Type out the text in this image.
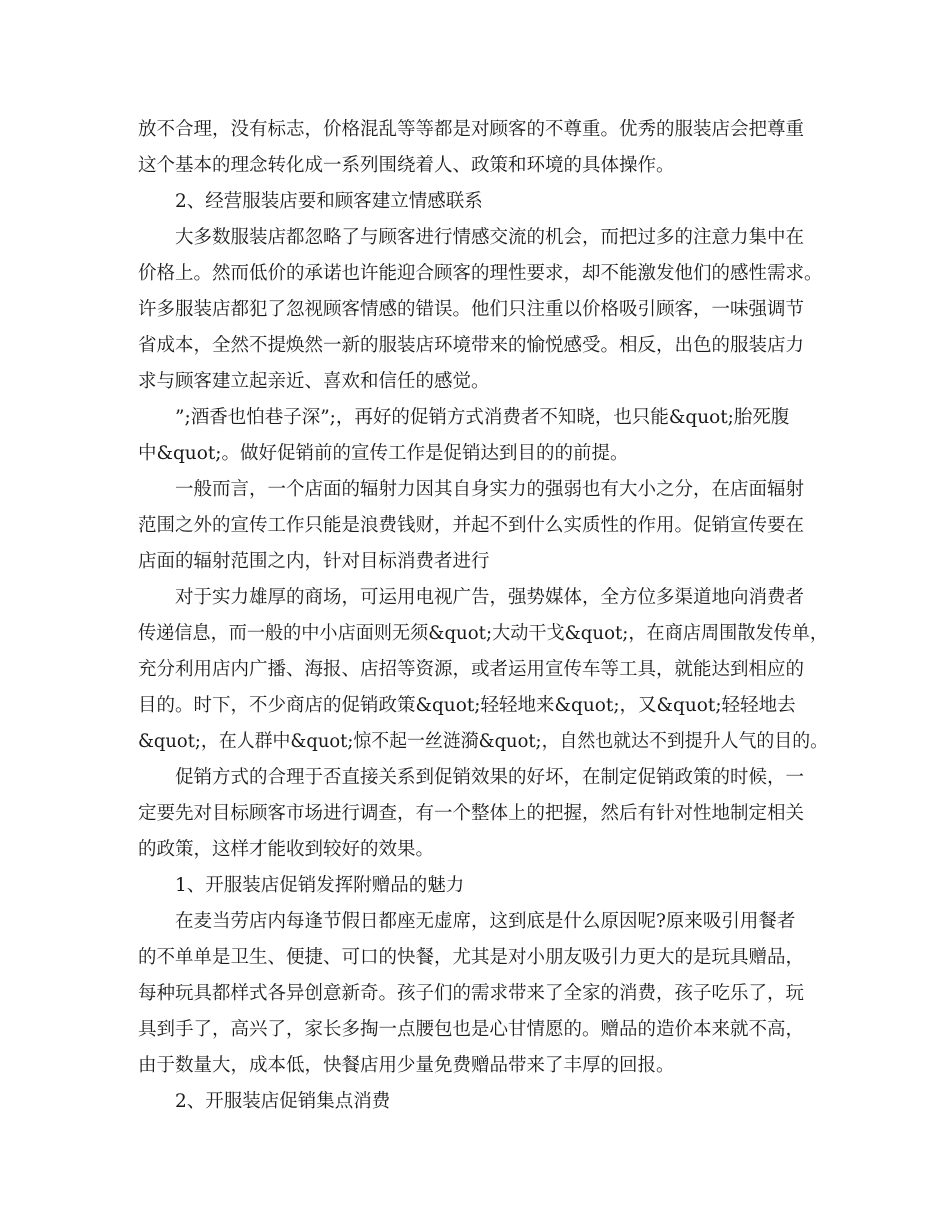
放不合理，没有标志，价格混乱等等都是对顾客的不尊重。优秀的服装店会把尊重
这个基本的理念转化成一系列围绕着人、政策和环境的具体操作。
2、经营服装店要和顾客建立情感联系
大多数服装店都忽略了与顾客进行情感交流的机会，而把过多的注意力集中在
价格上。然而低价的承诺也许能迎合顾客的理性要求，却不能激发他们的感性需求。
许多服装店都犯了忽视顾客情感的错误。他们只注重以价格吸引顾客，一味强调节
省成本，全然不提焕然一新的服装店环境带来的愉悦感受。相反，出色的服装店力
求与顾客建立起亲近、喜欢和信任的感觉。
”;酒香也怕巷子深”;，再好的促销方式消费者不知晓，也只能&quot;胎死腹
中&quot;。做好促销前的宣传工作是促销达到目的的前提。
一般而言，一个店面的辐射力因其自身实力的强弱也有大小之分，在店面辐射
范围之外的宣传工作只能是浪费钱财，并起不到什么实质性的作用。促销宣传要在
店面的辐射范围之内，针对目标消费者进行
对于实力雄厚的商场，可运用电视广告，强势媒体，全方位多渠道地向消费者
传递信息，而一般的中小店面则无须&quot;大动干戈&quot;，在商店周围散发传单，
充分利用店内广播、海报、店招等资源，或者运用宣传车等工具，就能达到相应的
目的。时下，不少商店的促销政策&quot;轻轻地来&quot;，又&quot;轻轻地去
&quot;，在人群中&quot;惊不起一丝涟漪&quot;，自然也就达不到提升人气的目的。
促销方式的合理于否直接关系到促销效果的好坏，在制定促销政策的时候，一
定要先对目标顾客市场进行调查，有一个整体上的把握，然后有针对性地制定相关
的政策，这样才能收到较好的效果。
1、开服装店促销发挥附赠品的魅力
在麦当劳店内每逢节假日都座无虚席，这到底是什么原因呢?原来吸引用餐者
的不单单是卫生、便捷、可口的快餐，尤其是对小朋友吸引力更大的是玩具赠品，
每种玩具都样式各异创意新奇。孩子们的需求带来了全家的消费，孩子吃乐了，玩
具到手了，高兴了，家长多掏一点腰包也是心甘情愿的。赠品的造价本来就不高，
由于数量大，成本低，快餐店用少量免费赠品带来了丰厚的回报。
2、开服装店促销集点消费
